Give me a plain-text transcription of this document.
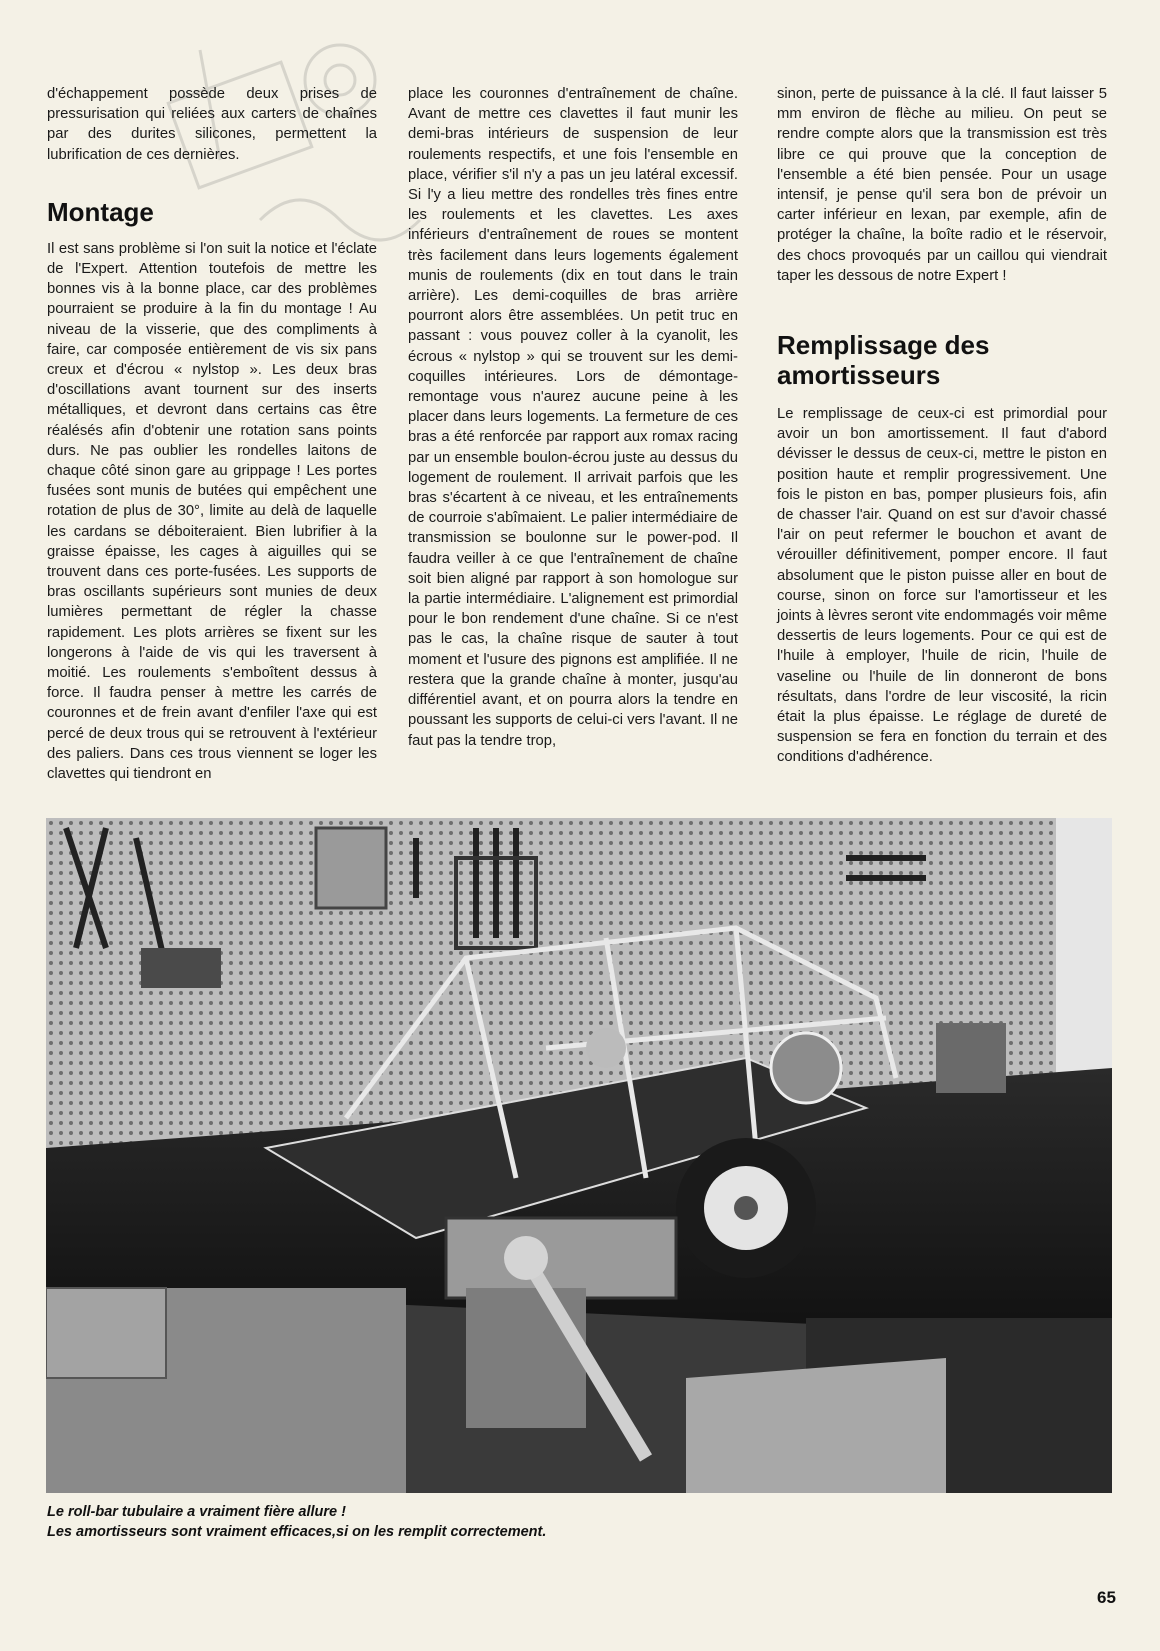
d'échappement possède deux prises de pressurisation qui reliées aux carters de chaînes par des durites silicones, permettent la lubrification de ces dernières.

Montage

Il est sans problème si l'on suit la notice et l'éclate de l'Expert. Attention toutefois de mettre les bonnes vis à la bonne place, car des problèmes pourraient se produire à la fin du montage ! Au niveau de la visserie, que des compliments à faire, car composée entièrement de vis six pans creux et d'écrou « nylstop ». Les deux bras d'oscillations avant tournent sur des inserts métalliques, et devront dans certains cas être réalésés afin d'obtenir une rotation sans points durs. Ne pas oublier les rondelles laitons de chaque côté sinon gare au grippage ! Les portes fusées sont munis de butées qui empêchent une rotation de plus de 30°, limite au delà de laquelle les cardans se déboiteraient. Bien lubrifier à la graisse épaisse, les cages à aiguilles qui se trouvent dans ces porte-fusées. Les supports de bras oscillants supérieurs sont munies de deux lumières permettant de régler la chasse rapidement. Les plots arrières se fixent sur les longerons à l'aide de vis qui les traversent à moitié. Les roulements s'emboîtent dessus à force. Il faudra penser à mettre les carrés de couronnes et de frein avant d'enfiler l'axe qui est percé de deux trous qui se retrouvent à l'extérieur des paliers. Dans ces trous viennent se loger les clavettes qui tiendront en

place les couronnes d'entraînement de chaîne. Avant de mettre ces clavettes il faut munir les demi-bras intérieurs de suspension de leur roulements respectifs, et une fois l'ensemble en place, vérifier s'il n'y a pas un jeu latéral excessif. Si l'y a lieu mettre des rondelles très fines entre les roulements et les clavettes. Les axes inférieurs d'entraînement de roues se montent très facilement dans leurs logements également munis de roulements (dix en tout dans le train arrière). Les demi-coquilles de bras arrière pourront alors être assemblées. Un petit truc en passant : vous pouvez coller à la cyanolit, les écrous « nylstop » qui se trouvent sur les demi-coquilles intérieures. Lors de démontage-remontage vous n'aurez aucune peine à les placer dans leurs logements. La fermeture de ces bras a été renforcée par rapport aux romax racing par un ensemble boulon-écrou juste au dessus du logement de roulement. Il arrivait parfois que les bras s'écartent à ce niveau, et les entraînements de courroie s'abîmaient. Le palier intermédiaire de transmission se boulonne sur le power-pod. Il faudra veiller à ce que l'entraînement de chaîne soit bien aligné par rapport à son homologue sur la partie intermédiaire. L'alignement est primordial pour le bon rendement d'une chaîne. Si ce n'est pas le cas, la chaîne risque de sauter à tout moment et l'usure des pignons est amplifiée. Il ne restera que la grande chaîne à monter, jusqu'au différentiel avant, et on pourra alors la tendre en poussant les supports de celui-ci vers l'avant. Il ne faut pas la tendre trop,

sinon, perte de puissance à la clé. Il faut laisser 5 mm environ de flèche au milieu. On peut se rendre compte alors que la transmission est très libre ce qui prouve que la conception de l'ensemble a été bien pensée. Pour un usage intensif, je pense qu'il sera bon de prévoir un carter inférieur en lexan, par exemple, afin de protéger la chaîne, la boîte radio et le réservoir, des chocs provoqués par un caillou qui viendrait taper les dessous de notre Expert !

Remplissage des amortisseurs

Le remplissage de ceux-ci est primordial pour avoir un bon amortissement. Il faut d'abord dévisser le dessus de ceux-ci, mettre le piston en position haute et remplir progressivement. Une fois le piston en bas, pomper plusieurs fois, afin de chasser l'air. Quand on est sur d'avoir chassé l'air on peut refermer le bouchon et avant de vérouiller définitivement, pomper encore. Il faut absolument que le piston puisse aller en bout de course, sinon on force sur l'amortisseur et les joints à lèvres seront vite endommagés voir même dessertis de leurs logements. Pour ce qui est de l'huile à employer, l'huile de ricin, l'huile de vaseline ou l'huile de lin donneront de bons résultats, dans l'ordre de leur viscosité, la ricin était la plus épaisse. Le réglage de dureté de suspension se fera en fonction du terrain et des conditions d'adhérence.

Le roll-bar tubulaire a vraiment fière allure !
Les amortisseurs sont vraiment efficaces,si on les remplit correctement.
65
